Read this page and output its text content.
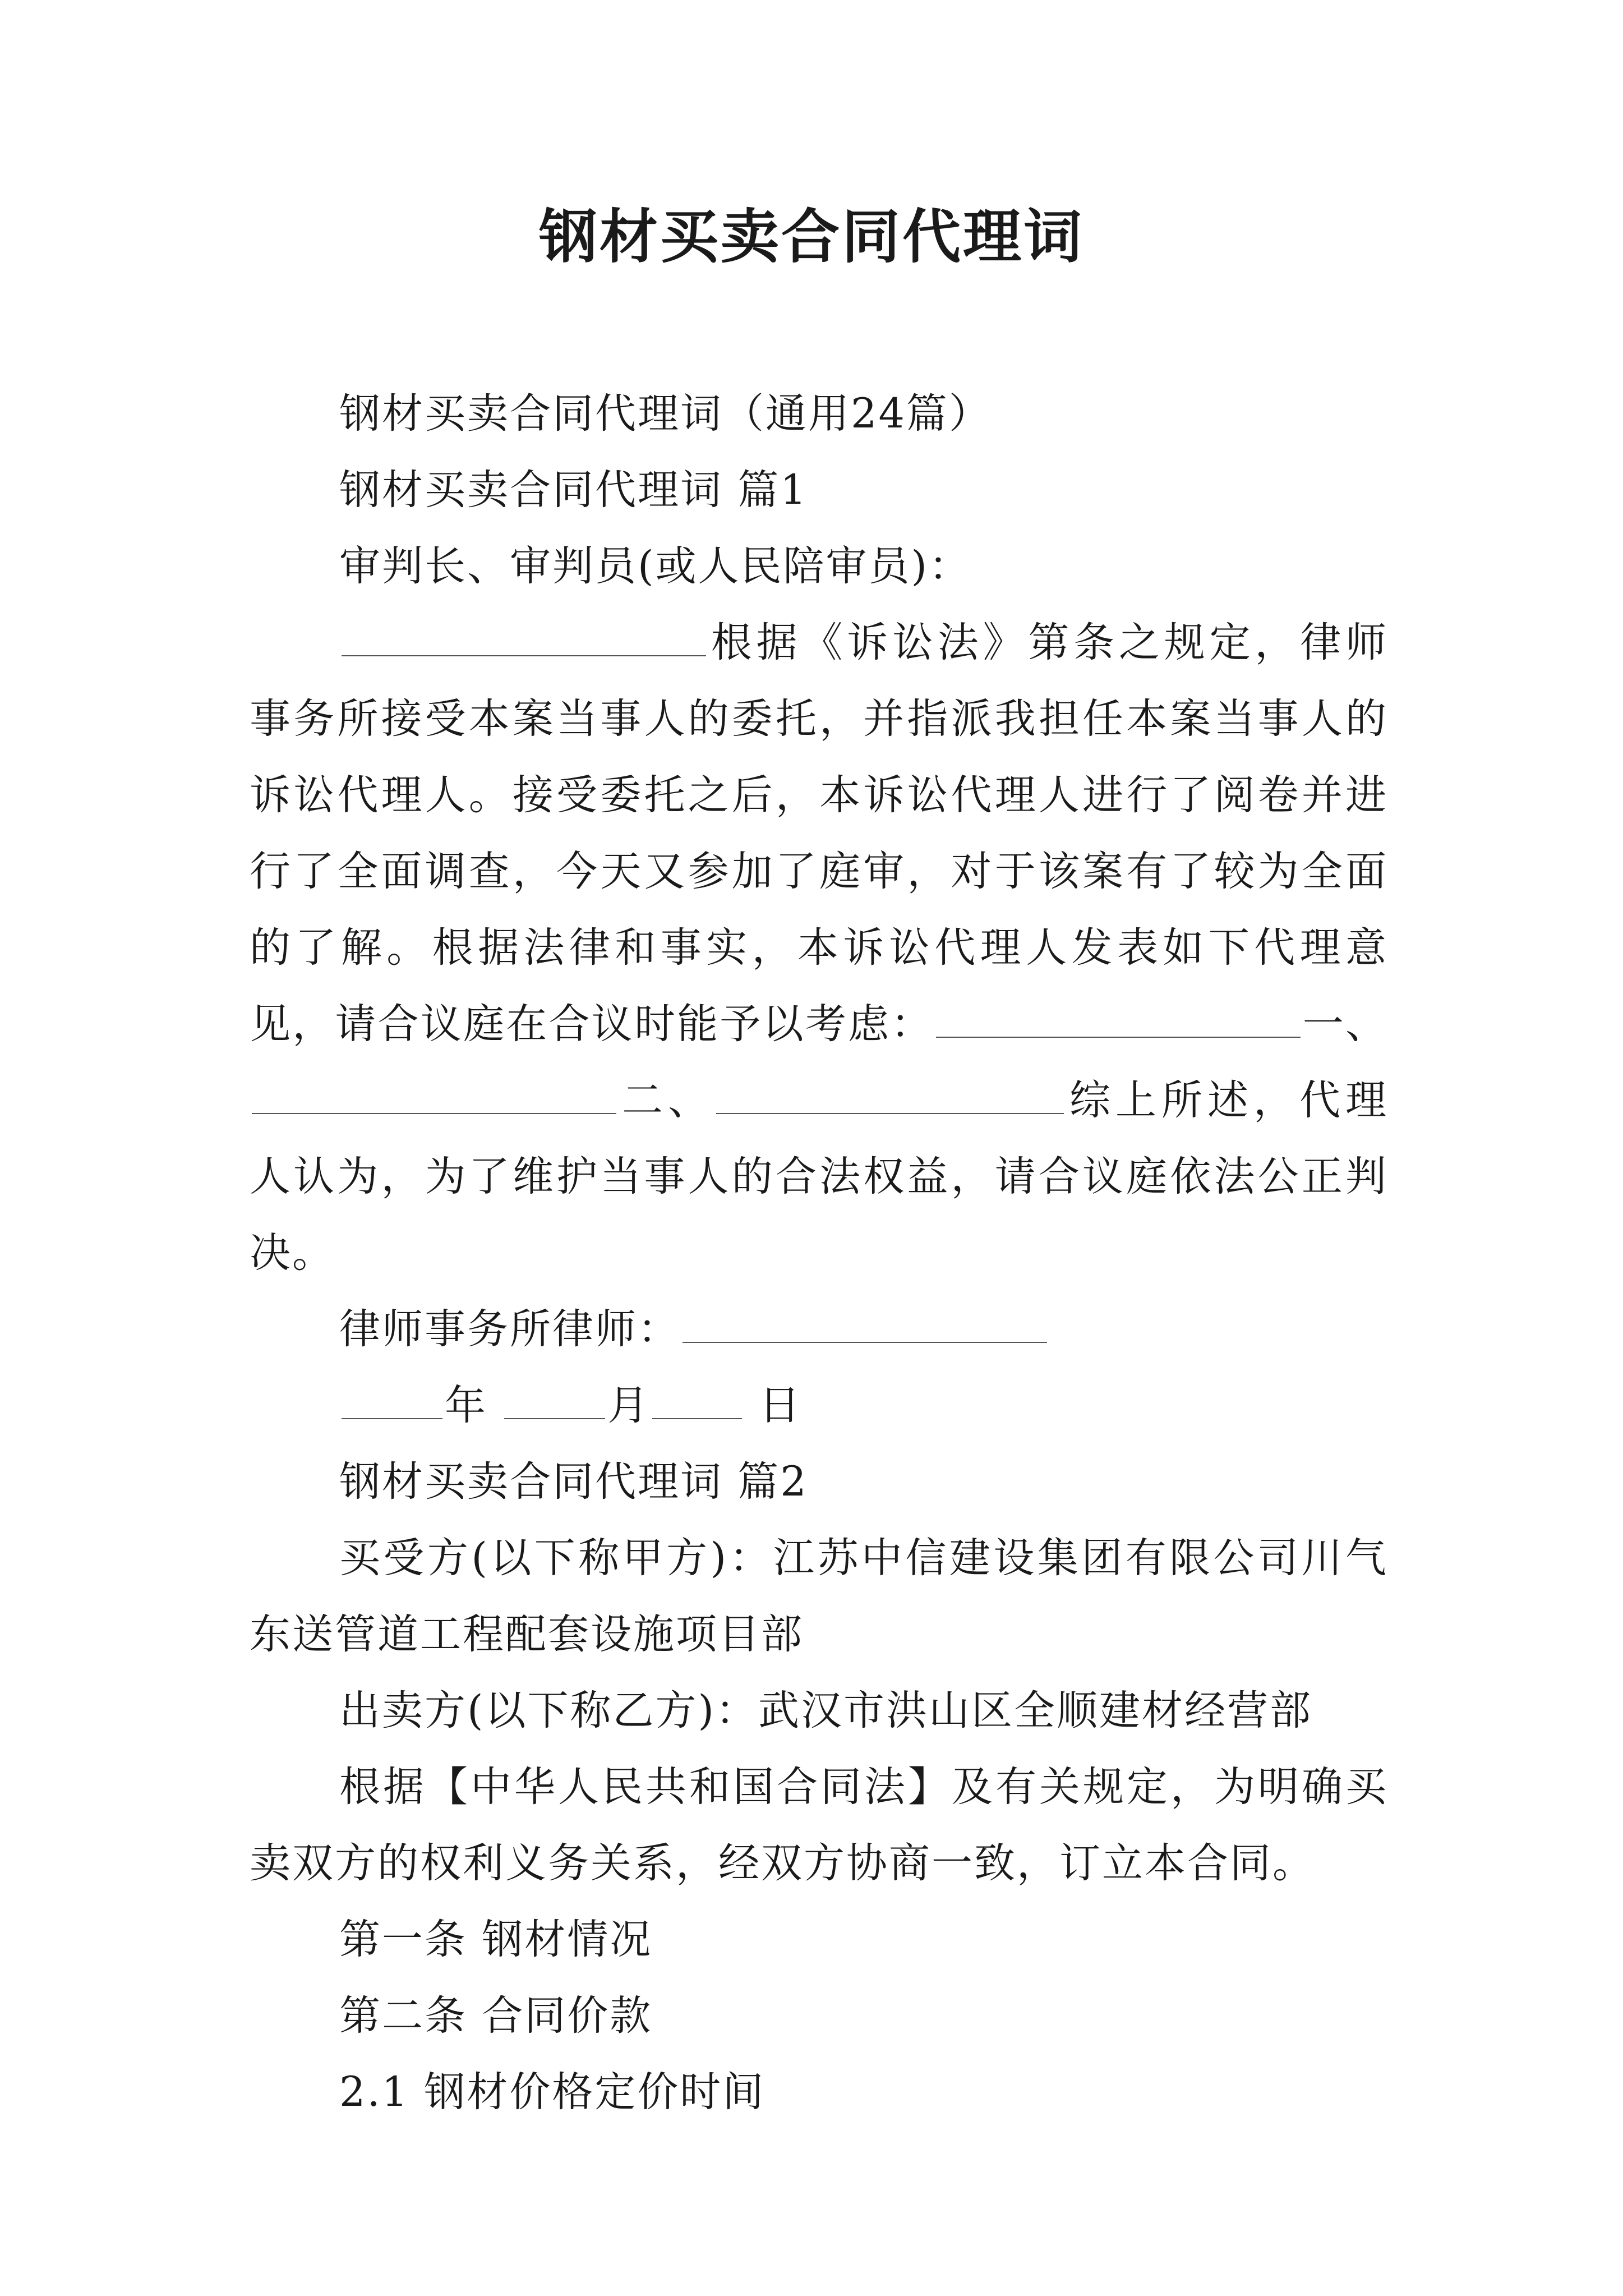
钢材买卖合同代理词

钢材买卖合同代理词（通用24篇）

钢材买卖合同代理词 篇1

审判长、审判员(或人民陪审员)：

根据《诉讼法》第条之规定，律师事务所接受本案当事人的委托，并指派我担任本案当事人的诉讼代理人。接受委托之后，本诉讼代理人进行了阅卷并进行了全面调查，今天又参加了庭审，对于该案有了较为全面的了解。根据法律和事实，本诉讼代理人发表如下代理意见，请合议庭在合议时能予以考虑：	一、二、	综上所述，代理人认为，为了维护当事人的合法权益，请合议庭依法公正判决。

律师事务所律师：

年	月	日

钢材买卖合同代理词 篇2

买受方(以下称甲方)：江苏中信建设集团有限公司川气东送管道工程配套设施项目部

出卖方(以下称乙方)：武汉市洪山区全顺建材经营部

根据【中华人民共和国合同法】及有关规定，为明确买卖双方的权利义务关系，经双方协商一致，订立本合同。

第一条 钢材情况

第二条 合同价款

2.1 钢材价格定价时间
